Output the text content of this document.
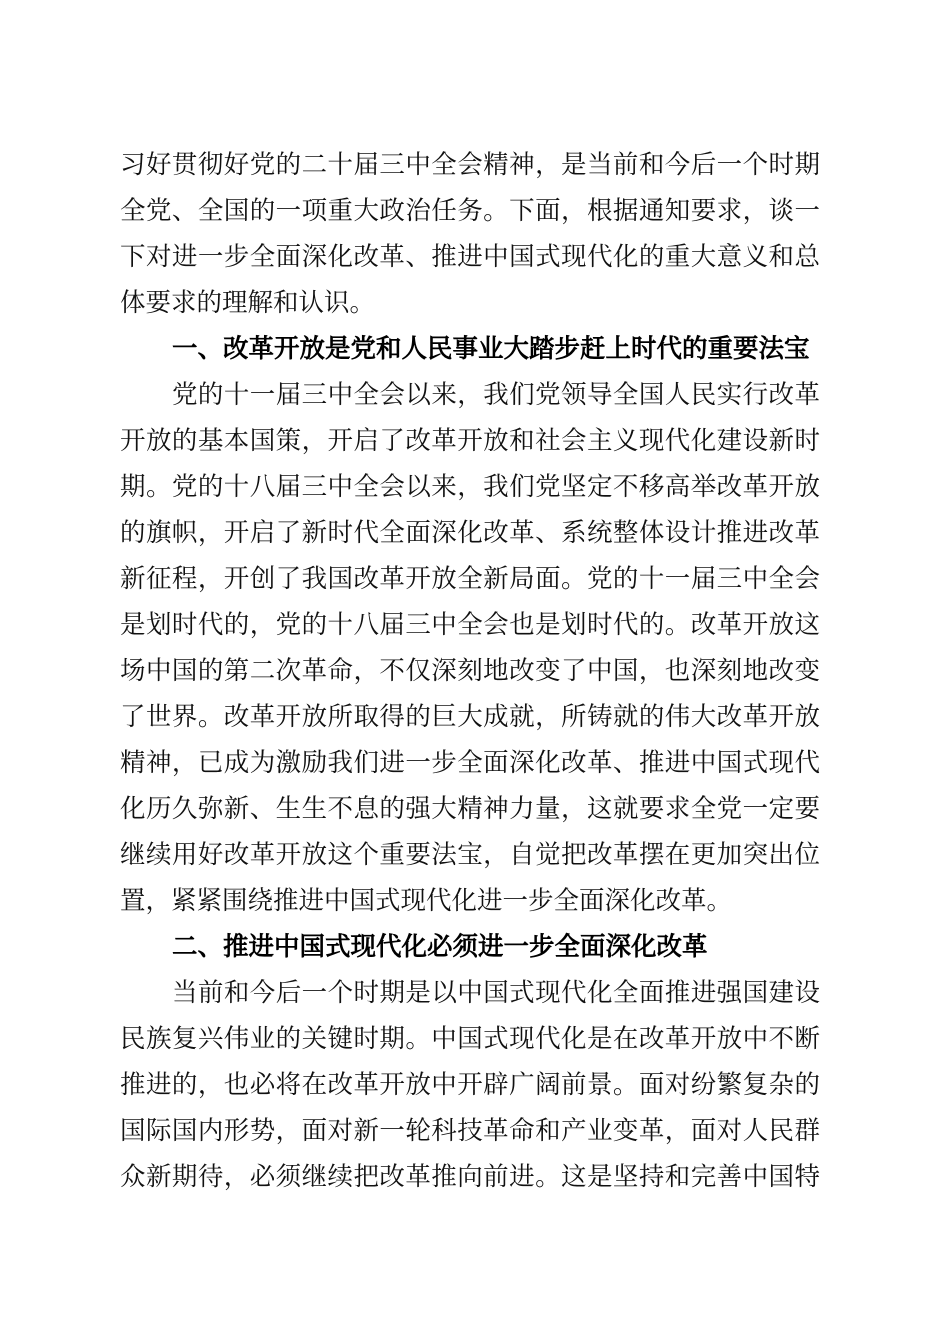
习好贯彻好党的二十届三中全会精神，是当前和今后一个时期
全党、全国的一项重大政治任务。下面，根据通知要求，谈一
下对进一步全面深化改革、推进中国式现代化的重大意义和总
体要求的理解和认识。
一、改革开放是党和人民事业大踏步赶上时代的重要法宝
党的十一届三中全会以来，我们党领导全国人民实行改革
开放的基本国策，开启了改革开放和社会主义现代化建设新时
期。党的十八届三中全会以来，我们党坚定不移高举改革开放
的旗帜，开启了新时代全面深化改革、系统整体设计推进改革
新征程，开创了我国改革开放全新局面。党的十一届三中全会
是划时代的，党的十八届三中全会也是划时代的。改革开放这
场中国的第二次革命，不仅深刻地改变了中国，也深刻地改变
了世界。改革开放所取得的巨大成就，所铸就的伟大改革开放
精神，已成为激励我们进一步全面深化改革、推进中国式现代
化历久弥新、生生不息的强大精神力量，这就要求全党一定要
继续用好改革开放这个重要法宝，自觉把改革摆在更加突出位
置，紧紧围绕推进中国式现代化进一步全面深化改革。
二、推进中国式现代化必须进一步全面深化改革
当前和今后一个时期是以中国式现代化全面推进强国建设
民族复兴伟业的关键时期。中国式现代化是在改革开放中不断
推进的，也必将在改革开放中开辟广阔前景。面对纷繁复杂的
国际国内形势，面对新一轮科技革命和产业变革，面对人民群
众新期待，必须继续把改革推向前进。这是坚持和完善中国特
